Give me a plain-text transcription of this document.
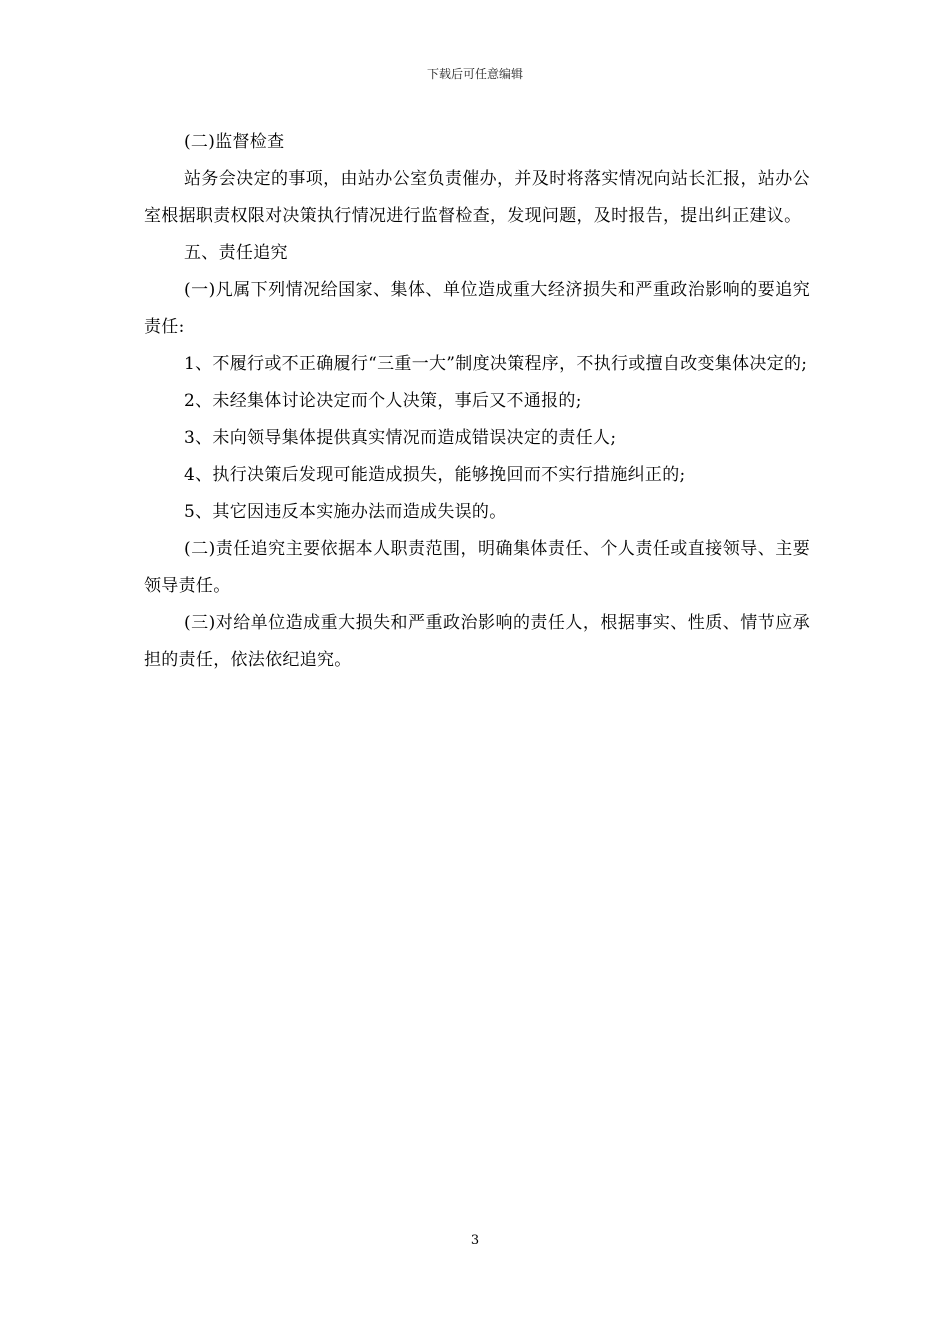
下载后可任意编辑

(二)监督检查

站务会决定的事项，由站办公室负责催办，并及时将落实情况向站长汇报，站办公室根据职责权限对决策执行情况进行监督检查，发现问题，及时报告，提出纠正建议。

五、责任追究

(一)凡属下列情况给国家、集体、单位造成重大经济损失和严重政治影响的要追究责任:

1、不履行或不正确履行“三重一大”制度决策程序，不执行或擅自改变集体决定的;

2、未经集体讨论决定而个人决策，事后又不通报的;

3、未向领导集体提供真实情况而造成错误决定的责任人;

4、执行决策后发现可能造成损失，能够挽回而不实行措施纠正的;

5、其它因违反本实施办法而造成失误的。

(二)责任追究主要依据本人职责范围，明确集体责任、个人责任或直接领导、主要领导责任。

(三)对给单位造成重大损失和严重政治影响的责任人，根据事实、性质、情节应承担的责任，依法依纪追究。

3
